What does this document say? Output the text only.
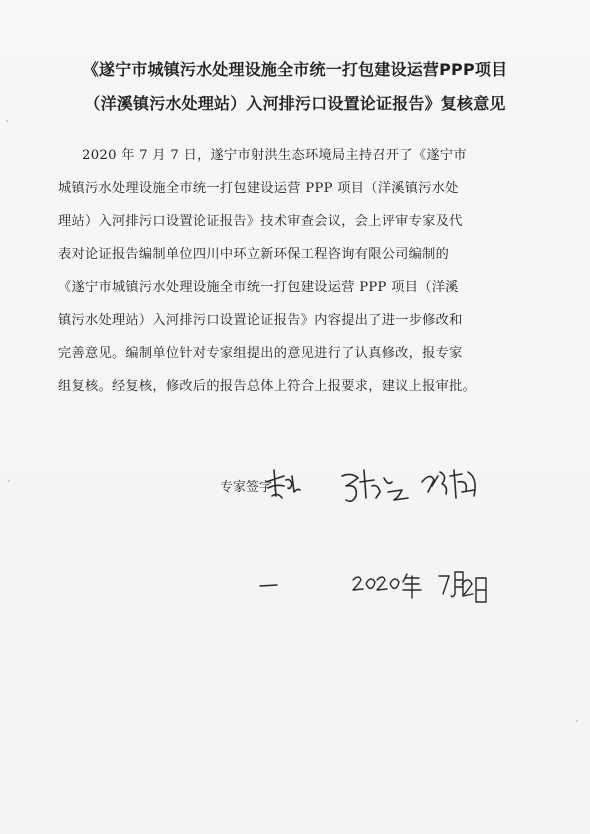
《遂宁市城镇污水处理设施全市统一打包建设运营PPP项目
（洋溪镇污水处理站）入河排污口设置论证报告》复核意见
2020 年 7 月 7 日，遂宁市射洪生态环境局主持召开了《遂宁市
城镇污水处理设施全市统一打包建设运营 PPP 项目（洋溪镇污水处
理站）入河排污口设置论证报告》技术审查会议，会上评审专家及代
表对论证报告编制单位四川中环立新环保工程咨询有限公司编制的
《遂宁市城镇污水处理设施全市统一打包建设运营 PPP 项目（洋溪
镇污水处理站）入河排污口设置论证报告》内容提出了进一步修改和
完善意见。编制单位针对专家组提出的意见进行了认真修改，报专家
组复核。经复核，修改后的报告总体上符合上报要求，建议上报审批。
专家签字：
